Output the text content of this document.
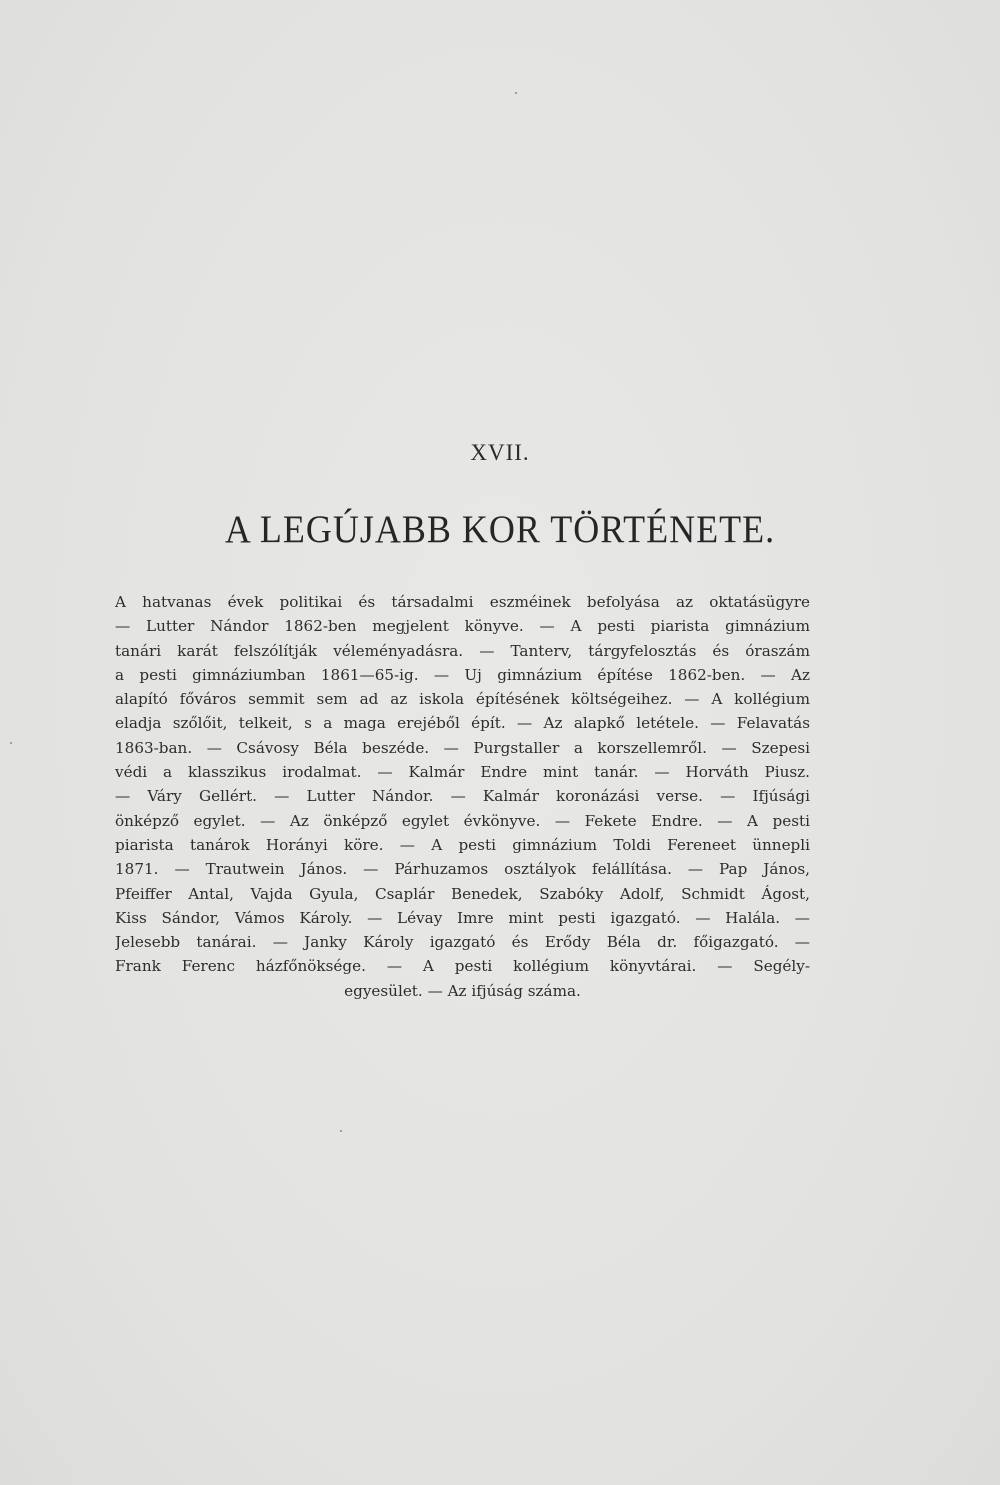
XVII.
A LEGÚJABB KOR TÖRTÉNETE.
A hatvanas évek politikai és társadalmi eszméinek befolyása az oktatásügyre
— Lutter Nándor 1862-ben megjelent könyve. — A pesti piarista gimnázium
tanári karát felszólítják véleményadásra. — Tanterv, tárgyfelosztás és óraszám
a pesti gimnáziumban 1861—65-ig. — Uj gimnázium építése 1862-ben. — Az
alapító főváros semmit sem ad az iskola építésének költségeihez. — A kollégium
eladja szőlőit, telkeit, s a maga erejéből épít. — Az alapkő letétele. — Felavatás
1863-ban. — Csávosy Béla beszéde. — Purgstaller a korszellemről. — Szepesi
védi a klasszikus irodalmat. — Kalmár Endre mint tanár. — Horváth Piusz.
— Váry Gellért. — Lutter Nándor. — Kalmár koronázási verse. — Ifjúsági
önképző egylet. — Az önképző egylet évkönyve. — Fekete Endre. — A pesti
piarista tanárok Horányi köre. — A pesti gimnázium Toldi Fereneet ünnepli
1871. — Trautwein János. — Párhuzamos osztályok felállítása. — Pap János,
Pfeiffer Antal, Vajda Gyula, Csaplár Benedek, Szabóky Adolf, Schmidt Ágost,
Kiss Sándor, Vámos Károly. — Lévay Imre mint pesti igazgató. — Halála. —
Jelesebb tanárai. — Janky Károly igazgató és Erődy Béla dr. főigazgató. —
Frank Ferenc házfőnöksége. — A pesti kollégium könyvtárai. — Segély-
egyesület. — Az ifjúság száma.
